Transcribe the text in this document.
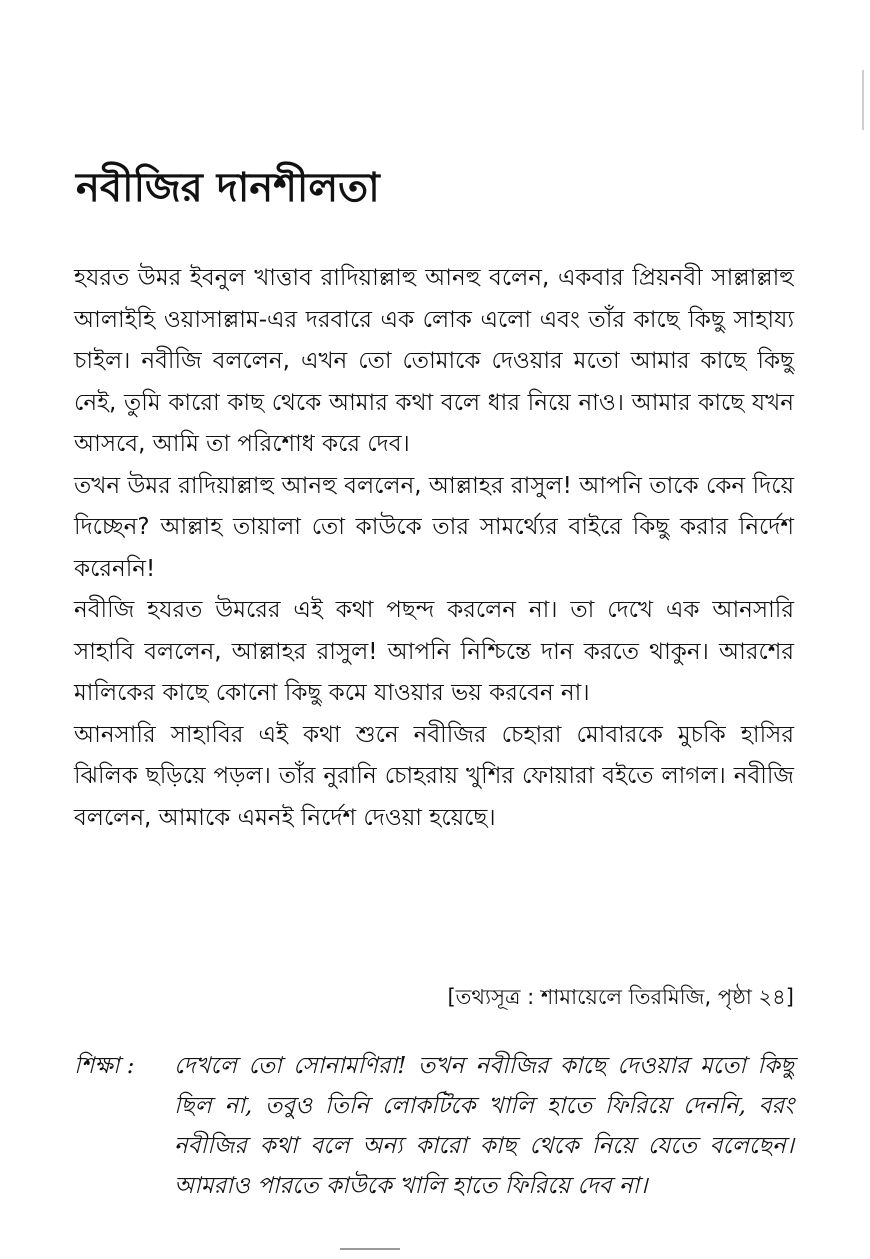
নবীজির দানশীলতা

হযরত উমর ইবনুল খাত্তাব রাদিয়াল্লাহু আনহু বলেন, একবার প্রিয়নবী সাল্লাল্লাহু আলাইহি ওয়াসাল্লাম-এর দরবারে এক লোক এলো এবং তাঁর কাছে কিছু সাহায্য চাইল। নবীজি বললেন, এখন তো তোমাকে দেওয়ার মতো আমার কাছে কিছু নেই, তুমি কারো কাছ থেকে আমার কথা বলে ধার নিয়ে নাও। আমার কাছে যখন আসবে, আমি তা পরিশোধ করে দেব।

তখন উমর রাদিয়াল্লাহু আনহু বললেন, আল্লাহর রাসুল! আপনি তাকে কেন দিয়ে দিচ্ছেন? আল্লাহ তায়ালা তো কাউকে তার সামর্থ্যের বাইরে কিছু করার নির্দেশ করেননি!

নবীজি হযরত উমরের এই কথা পছন্দ করলেন না। তা দেখে এক আনসারি সাহাবি বললেন, আল্লাহর রাসুল! আপনি নিশ্চিন্তে দান করতে থাকুন। আরশের মালিকের কাছে কোনো কিছু কমে যাওয়ার ভয় করবেন না।

আনসারি সাহাবির এই কথা শুনে নবীজির চেহারা মোবারকে মুচকি হাসির ঝিলিক ছড়িয়ে পড়ল। তাঁর নুরানি চোহরায় খুশির ফোয়ারা বইতে লাগল। নবীজি বললেন, আমাকে এমনই নির্দেশ দেওয়া হয়েছে।

[তথ্যসূত্র : শামায়েলে তিরমিজি, পৃষ্ঠা ২৪]
শিক্ষা : দেখলে তো সোনামণিরা! তখন নবীজির কাছে দেওয়ার মতো কিছু ছিল না, তবুও তিনি লোকটিকে খালি হাতে ফিরিয়ে দেননি, বরং নবীজির কথা বলে অন্য কারো কাছ থেকে নিয়ে যেতে বলেছেন। আমরাও পারতে কাউকে খালি হাতে ফিরিয়ে দেব না।
